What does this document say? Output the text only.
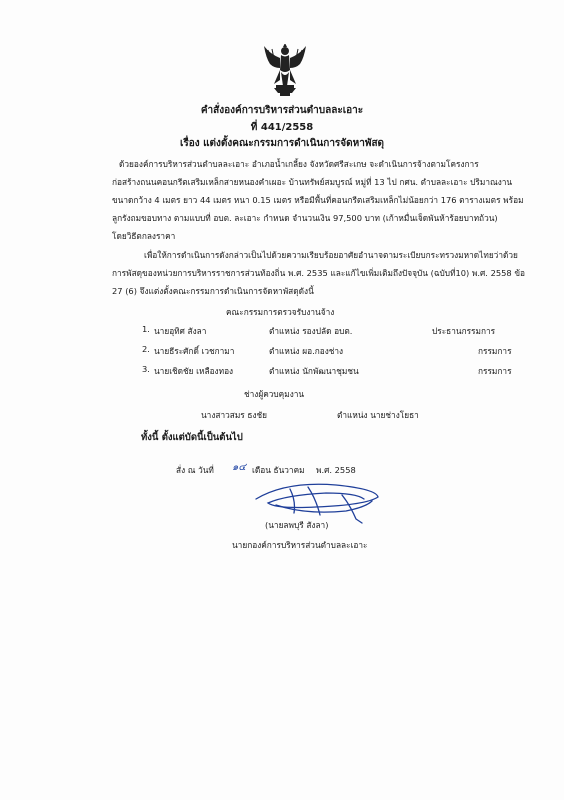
คำสั่งองค์การบริหารส่วนตำบลละเอาะ
ที่ 441/2558
เรื่อง แต่งตั้งคณะกรรมการดำเนินการจัดหาพัสดุ
ด้วยองค์การบริหารส่วนตำบลละเอาะ อำเภอน้ำเกลี้ยง จังหวัดศรีสะเกษ จะดำเนินการจ้างตามโครงการ
ก่อสร้างถนนคอนกรีตเสริมเหล็กสายหนองคำเผอะ บ้านทรัพย์สมบูรณ์ หมู่ที่ 13 ไป กศน. ตำบลละเอาะ ปริมาณงาน
ขนาดกว้าง 4 เมตร ยาว 44 เมตร หนา 0.15 เมตร หรือมีพื้นที่คอนกรีตเสริมเหล็กไม่น้อยกว่า 176 ตารางเมตร พร้อม
ลูกรังถมขอบทาง ตามแบบที่ อบต. ละเอาะ กำหนด จำนวนเงิน 97,500 บาท (เก้าหมื่นเจ็ดพันห้าร้อยบาทถ้วน)
โดยวิธีตกลงราคา
เพื่อให้การดำเนินการดังกล่าวเป็นไปด้วยความเรียบร้อยอาศัยอำนาจตามระเบียบกระทรวงมหาดไทยว่าด้วย
การพัสดุของหน่วยการบริหารราชการส่วนท้องถิ่น พ.ศ. 2535 และแก้ไขเพิ่มเติมถึงปัจจุบัน (ฉบับที่10) พ.ศ. 2558 ข้อ
27 (6) จึงแต่งตั้งคณะกรรมการดำเนินการจัดหาพัสดุดังนี้
คณะกรรมการตรวจรับงานจ้าง
1. นายอุทิศ สังลา	ตำแหน่ง รองปลัด อบต.	ประธานกรรมการ
2. นายธีระศักดิ์ เวชกามา	ตำแหน่ง ผอ.กองช่าง	กรรมการ
3. นายเชิดชัย เหลืองทอง	ตำแหน่ง นักพัฒนาชุมชน	กรรมการ
ช่างผู้ควบคุมงาน
นางสาวสมร ธงชัย	ตำแหน่ง นายช่างโยธา
ทั้งนี้ ตั้งแต่บัดนี้เป็นต้นไป
สั่ง ณ วันที่ ๑๔ เดือน ธันวาคม พ.ศ. 2558
(นายลพบุรี สังลา)
นายกองค์การบริหารส่วนตำบลละเอาะ
